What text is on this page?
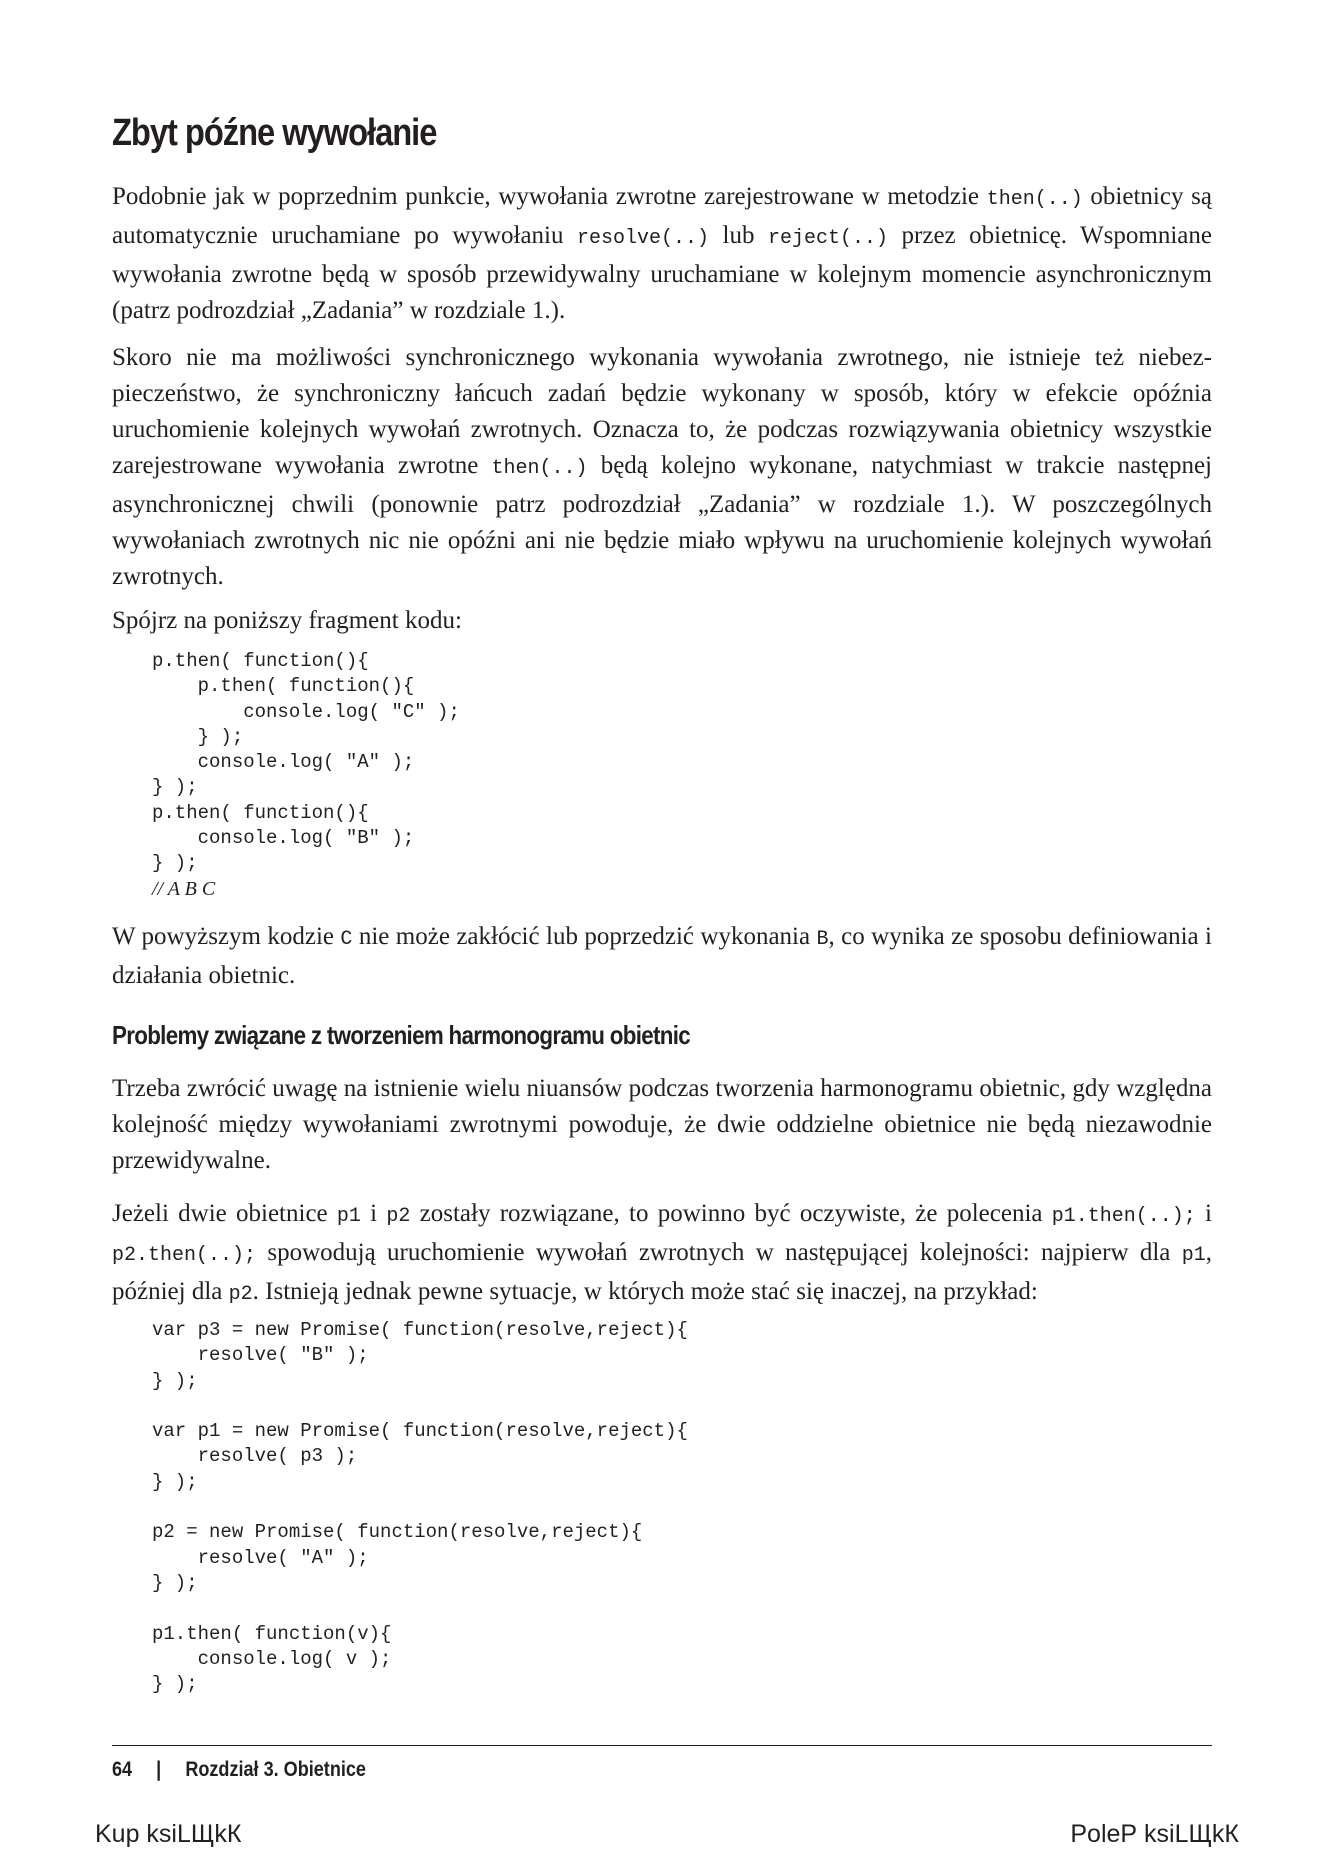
Zbyt późne wywołanie

Podobnie jak w poprzednim punkcie, wywołania zwrotne zarejestrowane w metodzie then(..) obietnicy są automatycznie uruchamiane po wywołaniu resolve(..) lub reject(..) przez obietnicę. Wspomniane wywołania zwrotne będą w sposób przewidywalny uruchamiane w kolejnym momencie asynchronicznym (patrz podrozdział „Zadania” w rozdziale 1.).

Skoro nie ma możliwości synchronicznego wykonania wywołania zwrotnego, nie istnieje też niebezpieczeństwo, że synchroniczny łańcuch zadań będzie wykonany w sposób, który w efekcie opóźnia uruchomienie kolejnych wywołań zwrotnych. Oznacza to, że podczas rozwiązywania obietnicy wszystkie zarejestrowane wywołania zwrotne then(..) będą kolejno wykonane, natychmiast w trakcie następnej asynchronicznej chwili (ponownie patrz podrozdział „Zadania” w rozdziale 1.). W poszczególnych wywołaniach zwrotnych nic nie opóźni ani nie będzie miało wpływu na uruchomienie kolejnych wywołań zwrotnych.

Spójrz na poniższy fragment kodu:

p.then( function(){
p.then( function(){
console.log( "C" );
} );
console.log( "A" );
} );
p.then( function(){
console.log( "B" );
} );
// A B C

W powyższym kodzie C nie może zakłócić lub poprzedzić wykonania B, co wynika ze sposobu definiowania i działania obietnic.

Problemy związane z tworzeniem harmonogramu obietnic

Trzeba zwrócić uwagę na istnienie wielu niuansów podczas tworzenia harmonogramu obietnic, gdy względna kolejność między wywołaniami zwrotnymi powoduje, że dwie oddzielne obietnice nie będą niezawodnie przewidywalne.

Jeżeli dwie obietnice p1 i p2 zostały rozwiązane, to powinno być oczywiste, że polecenia p1.then(..); i p2.then(..); spowodują uruchomienie wywołań zwrotnych w następującej kolejności: najpierw dla p1, później dla p2. Istnieją jednak pewne sytuacje, w których może stać się inaczej, na przykład:

var p3 = new Promise( function(resolve,reject){
resolve( "B" );
} );

var p1 = new Promise( function(resolve,reject){
resolve( p3 );
} );

p2 = new Promise( function(resolve,reject){
resolve( "A" );
} );

p1.then( function(v){
console.log( v );
} );
64 | Rozdział 3. Obietnice
Kup ksiLЩkК	PoleР ksiLЩkК
